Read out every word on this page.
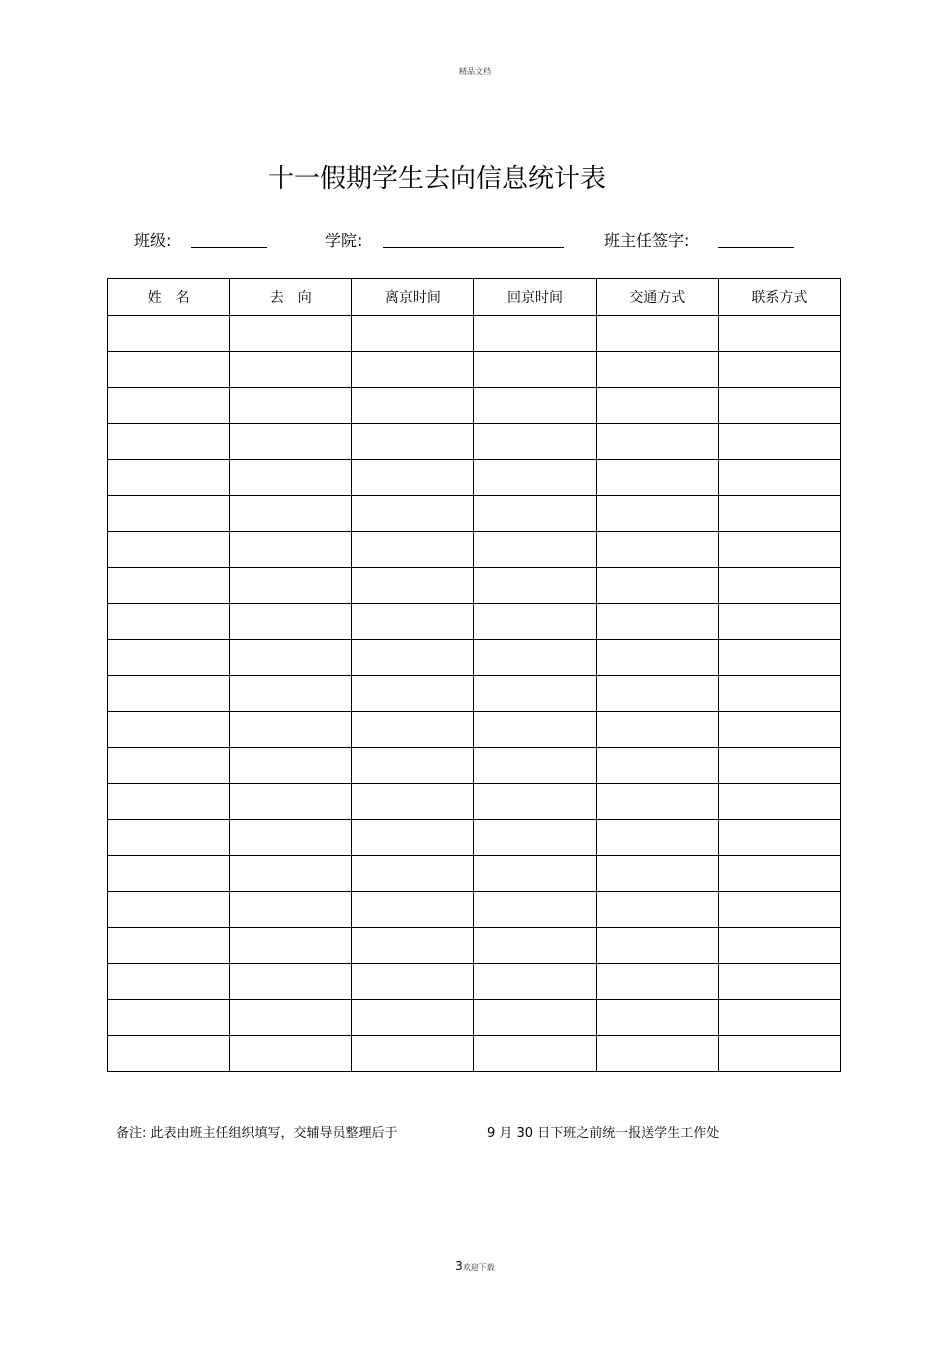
精品文档
十一假期学生去向信息统计表
班级:	学院:	班主任签字:
姓　名	去　向	离京时间	回京时间	交通方式	联系方式

备注: 此表由班主任组织填写，交辅导员整理后于	9 月 30 日下班之前统一报送学生工作处
3欢迎下载
